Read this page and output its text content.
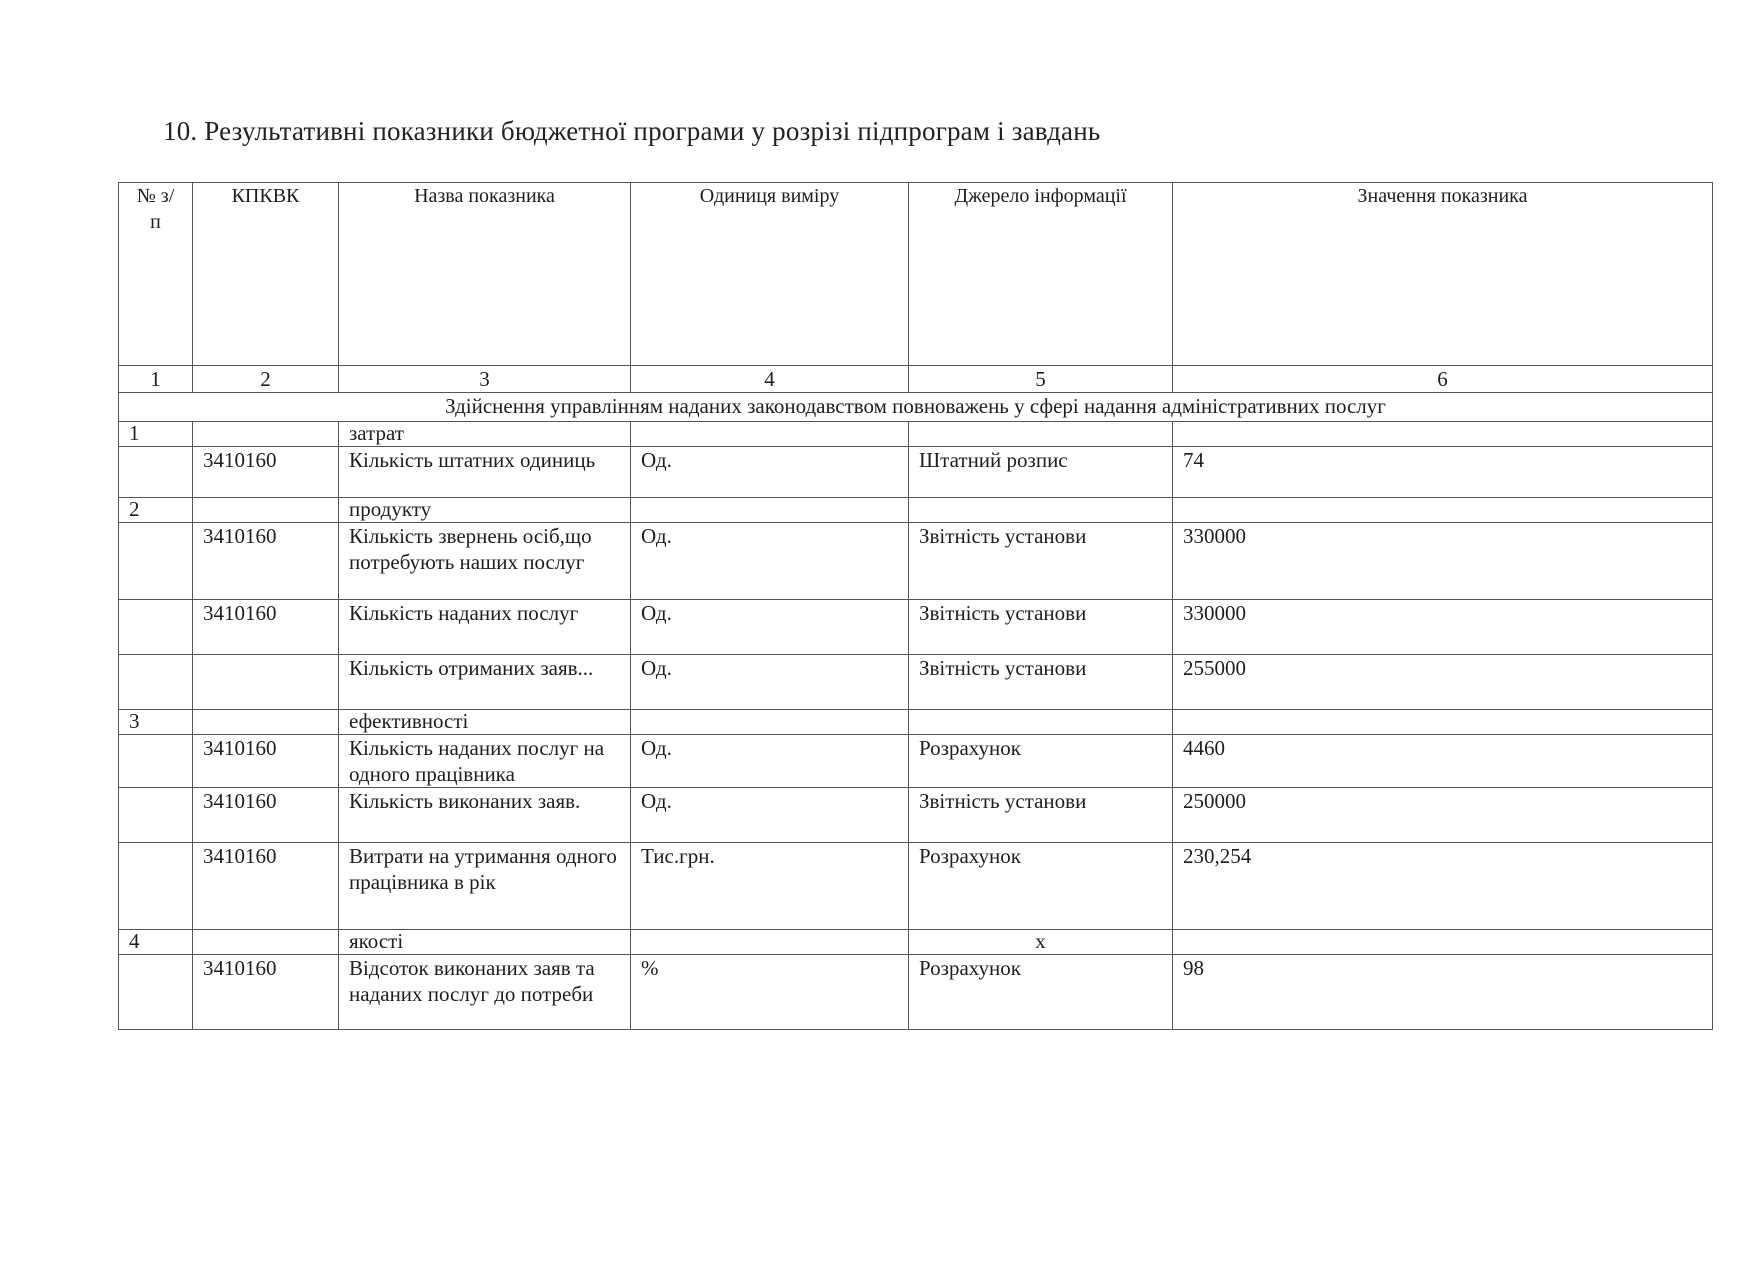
10. Результативні показники бюджетної програми у розрізі підпрограм і завдань
№ з/п	КПКВК	Назва показника	Одиниця виміру	Джерело інформації	Значення показника
1	2	3	4	5	6
Здійснення управлінням наданих законодавством повноважень у сфері надання адміністративних послуг					
1		затрат			
	3410160	Кількість штатних одиниць	Од.	Штатний розпис	74
2		продукту			
	3410160	Кількість звернень осіб,що потребують наших послуг	Од.	Звітність установи	330000
	3410160	Кількість наданих послуг	Од.	Звітність установи	330000
		Кількість отриманих заяв...	Од.	Звітність установи	255000
3		ефективності			
	3410160	Кількість наданих послуг на одного працівника	Од.	Розрахунок	4460
	3410160	Кількість виконаних заяв.	Од.	Звітність установи	250000
	3410160	Витрати на утримання одного працівника в рік	Тис.грн.	Розрахунок	230,254
4		якості		х	
	3410160	Відсоток виконаних заяв та наданих послуг до потреби	%	Розрахунок	98
